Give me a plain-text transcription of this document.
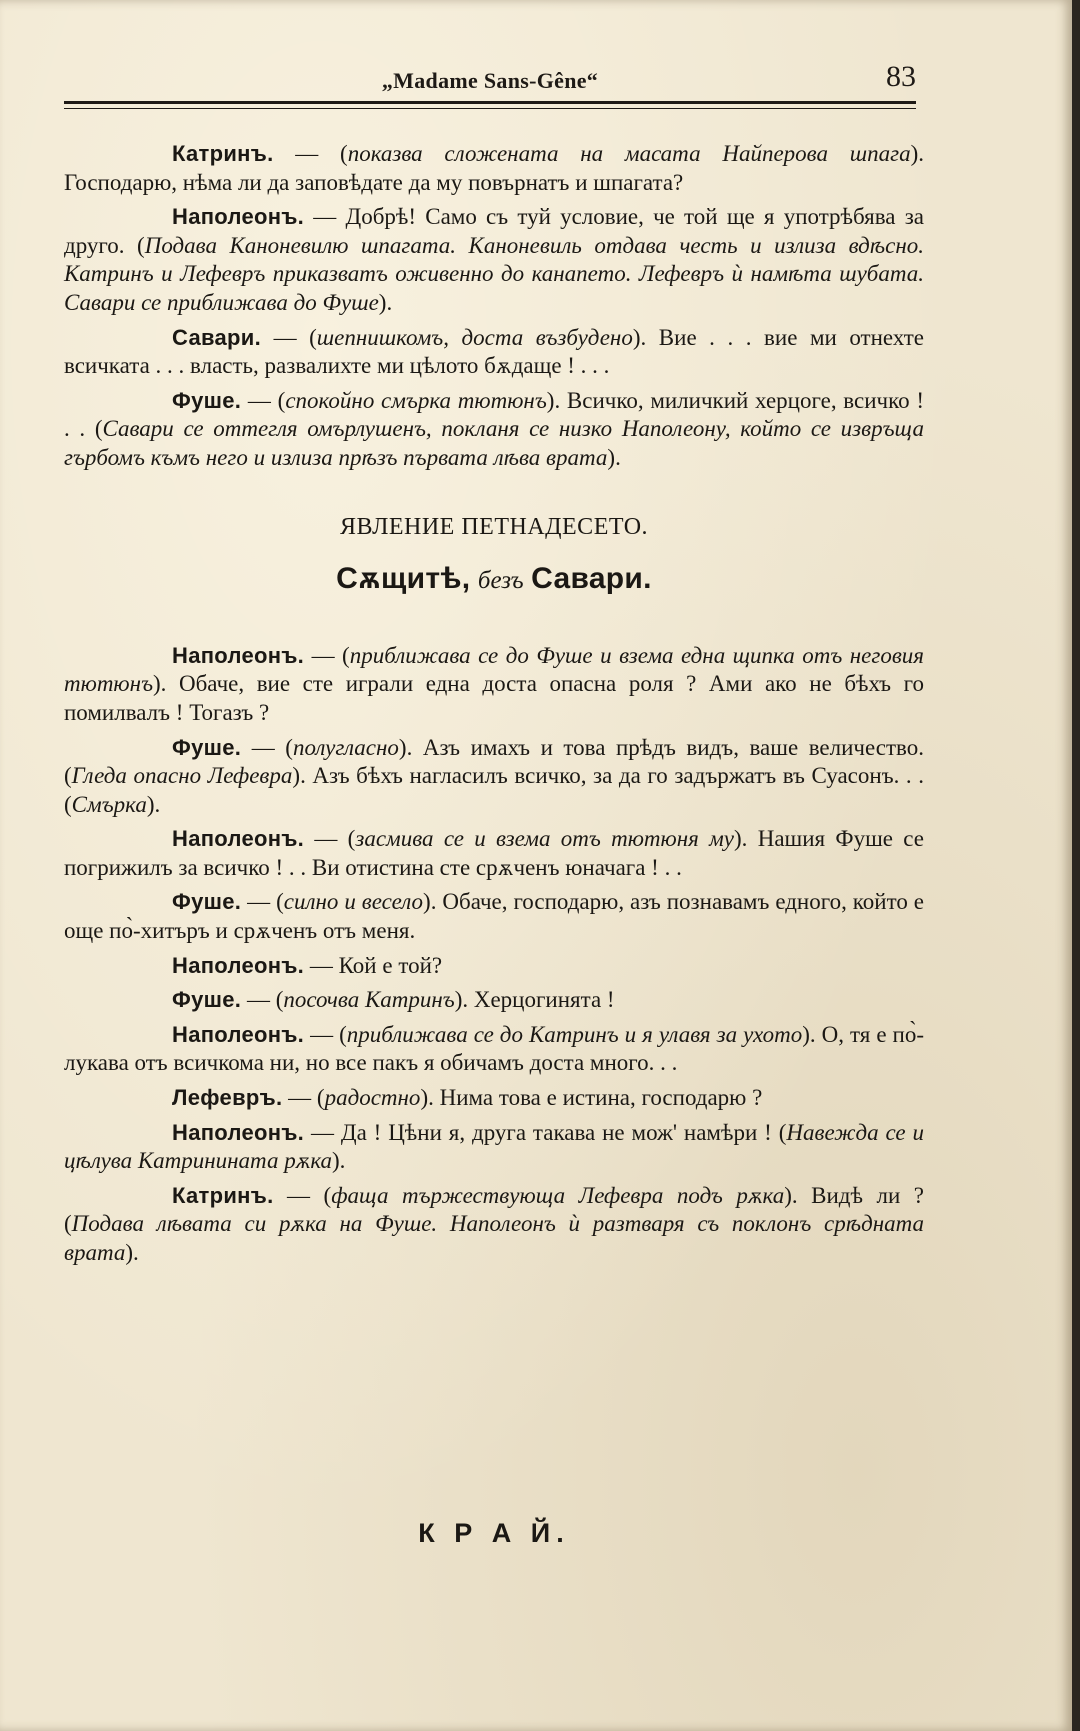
„Madame Sans-Gêne“	83

Катринъ. — (показва сложената на масата Найперова шпага). Господарю, нѣма ли да заповѣдате да му повърнатъ и шпагата?

Наполеонъ. — Добрѣ! Само съ туй условие, че той ще я употрѣбява за друго. (Подава Каноневилю шпагата. Каноневиль отдава честь и излиза вдѣсно. Катринъ и Лефевръ приказватъ оживенно до канапето. Лефевръ ѝ намѣта шубата. Савари се приближава до Фуше).

Савари. — (шепнишкомъ, доста възбудено). Вие . . . вие ми отнехте всичката . . . власть, развалихте ми цѣлото бѫдаще ! . . .

Фуше. — (спокойно смърка тютюнъ). Всичко, миличкий херцоге, всичко ! . . (Савари се оттегля омърлушенъ, покланя се низко Наполеону, който се извръща гърбомъ къмъ него и излиза прѣзъ първата лѣва врата).

ЯВЛЕНИЕ ПЕТНАДЕСЕТО.
Сѫщитѣ, безъ Савари.

Наполеонъ. — (приближава се до Фуше и взема една щипка отъ неговия тютюнъ). Обаче, вие сте играли една доста опасна роля ? Ами ако не бѣхъ го помилвалъ ! Тогазъ ?

Фуше. — (полугласно). Азъ имахъ и това прѣдъ видъ, ваше величество. (Гледа опасно Лефевра). Азъ бѣхъ нагласилъ всичко, за да го задържатъ въ Суасонъ. . . (Смърка).

Наполеонъ. — (засмива се и взема отъ тютюня му). Нашия Фуше се погрижилъ за всичко ! . . Ви отистина сте срѫченъ юначага ! . .

Фуше. — (силно и весело). Обаче, господарю, азъ познавамъ едного, който е още по̀-хитъръ и срѫченъ отъ меня.

Наполеонъ. — Кой е той?

Фуше. — (посочва Катринъ). Херцогинята !

Наполеонъ. — (приближава се до Катринъ и я улавя за ухото). О, тя е по̀-лукава отъ всичкома ни, но все пакъ я обичамъ доста много. . .

Лефевръ. — (радостно). Нима това е истина, господарю ?

Наполеонъ. — Да ! Цѣни я, друга такава не мож' намѣри ! (Навежда се и цѣлува Катринината рѫка).

Катринъ. — (фаща тържествующа Лефевра подъ рѫка). Видѣ ли ? (Подава лѣвата си рѫка на Фуше. Наполеонъ ѝ разтваря съ поклонъ срѣдната врата).

К Р А Й.
